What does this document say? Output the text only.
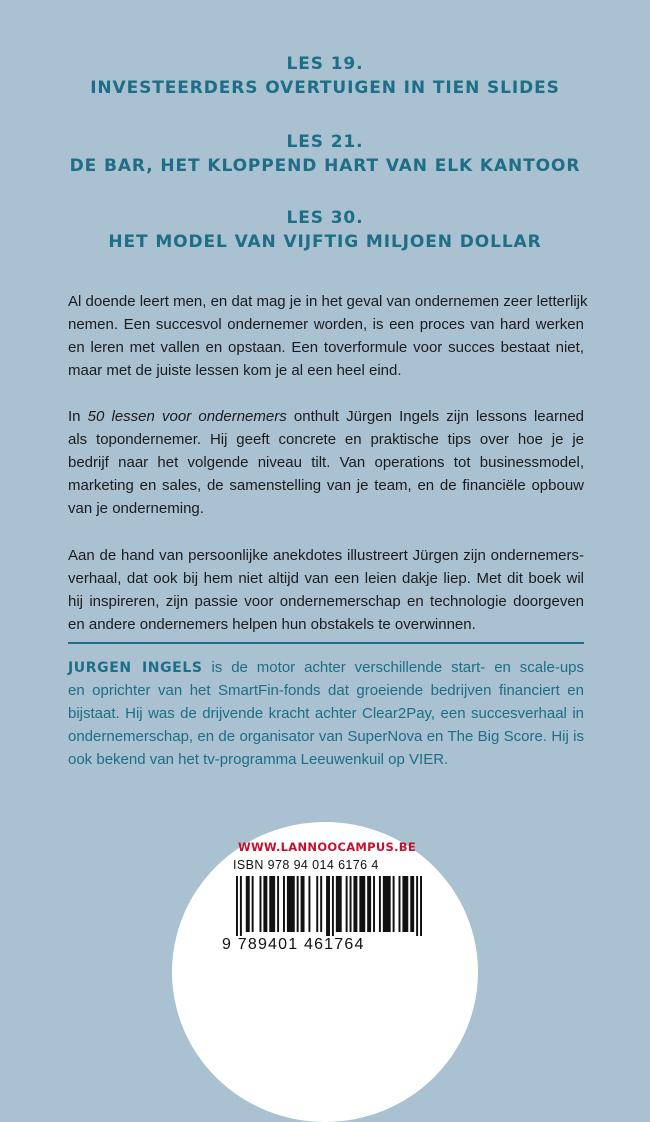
LES 19.
INVESTEERDERS OVERTUIGEN IN TIEN SLIDES
LES 21.
DE BAR, HET KLOPPEND HART VAN ELK KANTOOR
LES 30.
HET MODEL VAN VIJFTIG MILJOEN DOLLAR
Al doende leert men, en dat mag je in het geval van ondernemen zeer letterlijk
nemen. Een succesvol ondernemer worden, is een proces van hard werken
en leren met vallen en opstaan. Een toverformule voor succes bestaat niet,
maar met de juiste lessen kom je al een heel eind.
In 50 lessen voor ondernemers onthult Jürgen Ingels zijn lessons learned
als topondernemer. Hij geeft concrete en praktische tips over hoe je je
bedrijf naar het volgende niveau tilt. Van operations tot businessmodel,
marketing en sales, de samenstelling van je team, en de financiële opbouw
van je onderneming.
Aan de hand van persoonlijke anekdotes illustreert Jürgen zijn ondernemers-
verhaal, dat ook bij hem niet altijd van een leien dakje liep. Met dit boek wil
hij inspireren, zijn passie voor ondernemerschap en technologie doorgeven
en andere ondernemers helpen hun obstakels te overwinnen.
JURGEN INGELS is de motor achter verschillende start- en scale-ups
en oprichter van het SmartFin-fonds dat groeiende bedrijven financiert en
bijstaat. Hij was de drijvende kracht achter Clear2Pay, een succesverhaal in
ondernemerschap, en de organisator van SuperNova en The Big Score. Hij is
ook bekend van het tv-programma Leeuwenkuil op VIER.
WWW.LANNOOCAMPUS.BE
ISBN 978 94 014 6176 4
9 789401 461764
